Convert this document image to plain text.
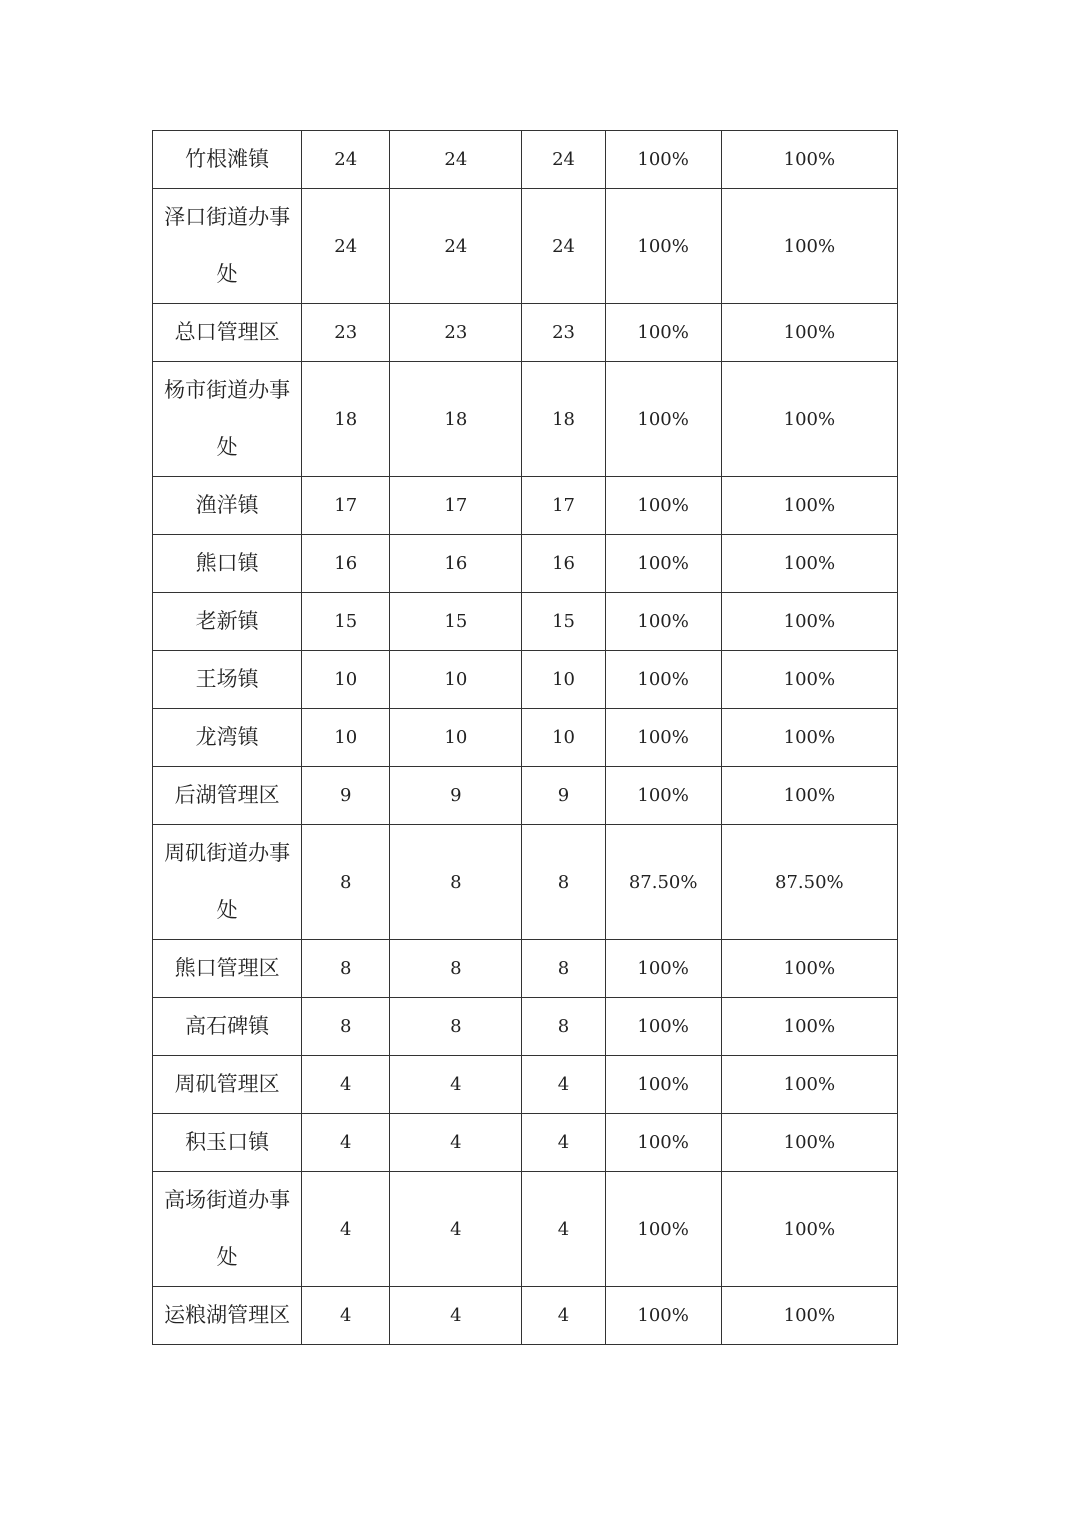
竹根滩镇	24	24	24	100%	100%
泽口街道办事处	24	24	24	100%	100%
总口管理区	23	23	23	100%	100%
杨市街道办事处	18	18	18	100%	100%
渔洋镇	17	17	17	100%	100%
熊口镇	16	16	16	100%	100%
老新镇	15	15	15	100%	100%
王场镇	10	10	10	100%	100%
龙湾镇	10	10	10	100%	100%
后湖管理区	9	9	9	100%	100%
周矶街道办事处	8	8	8	87.50%	87.50%
熊口管理区	8	8	8	100%	100%
高石碑镇	8	8	8	100%	100%
周矶管理区	4	4	4	100%	100%
积玉口镇	4	4	4	100%	100%
高场街道办事处	4	4	4	100%	100%
运粮湖管理区	4	4	4	100%	100%
